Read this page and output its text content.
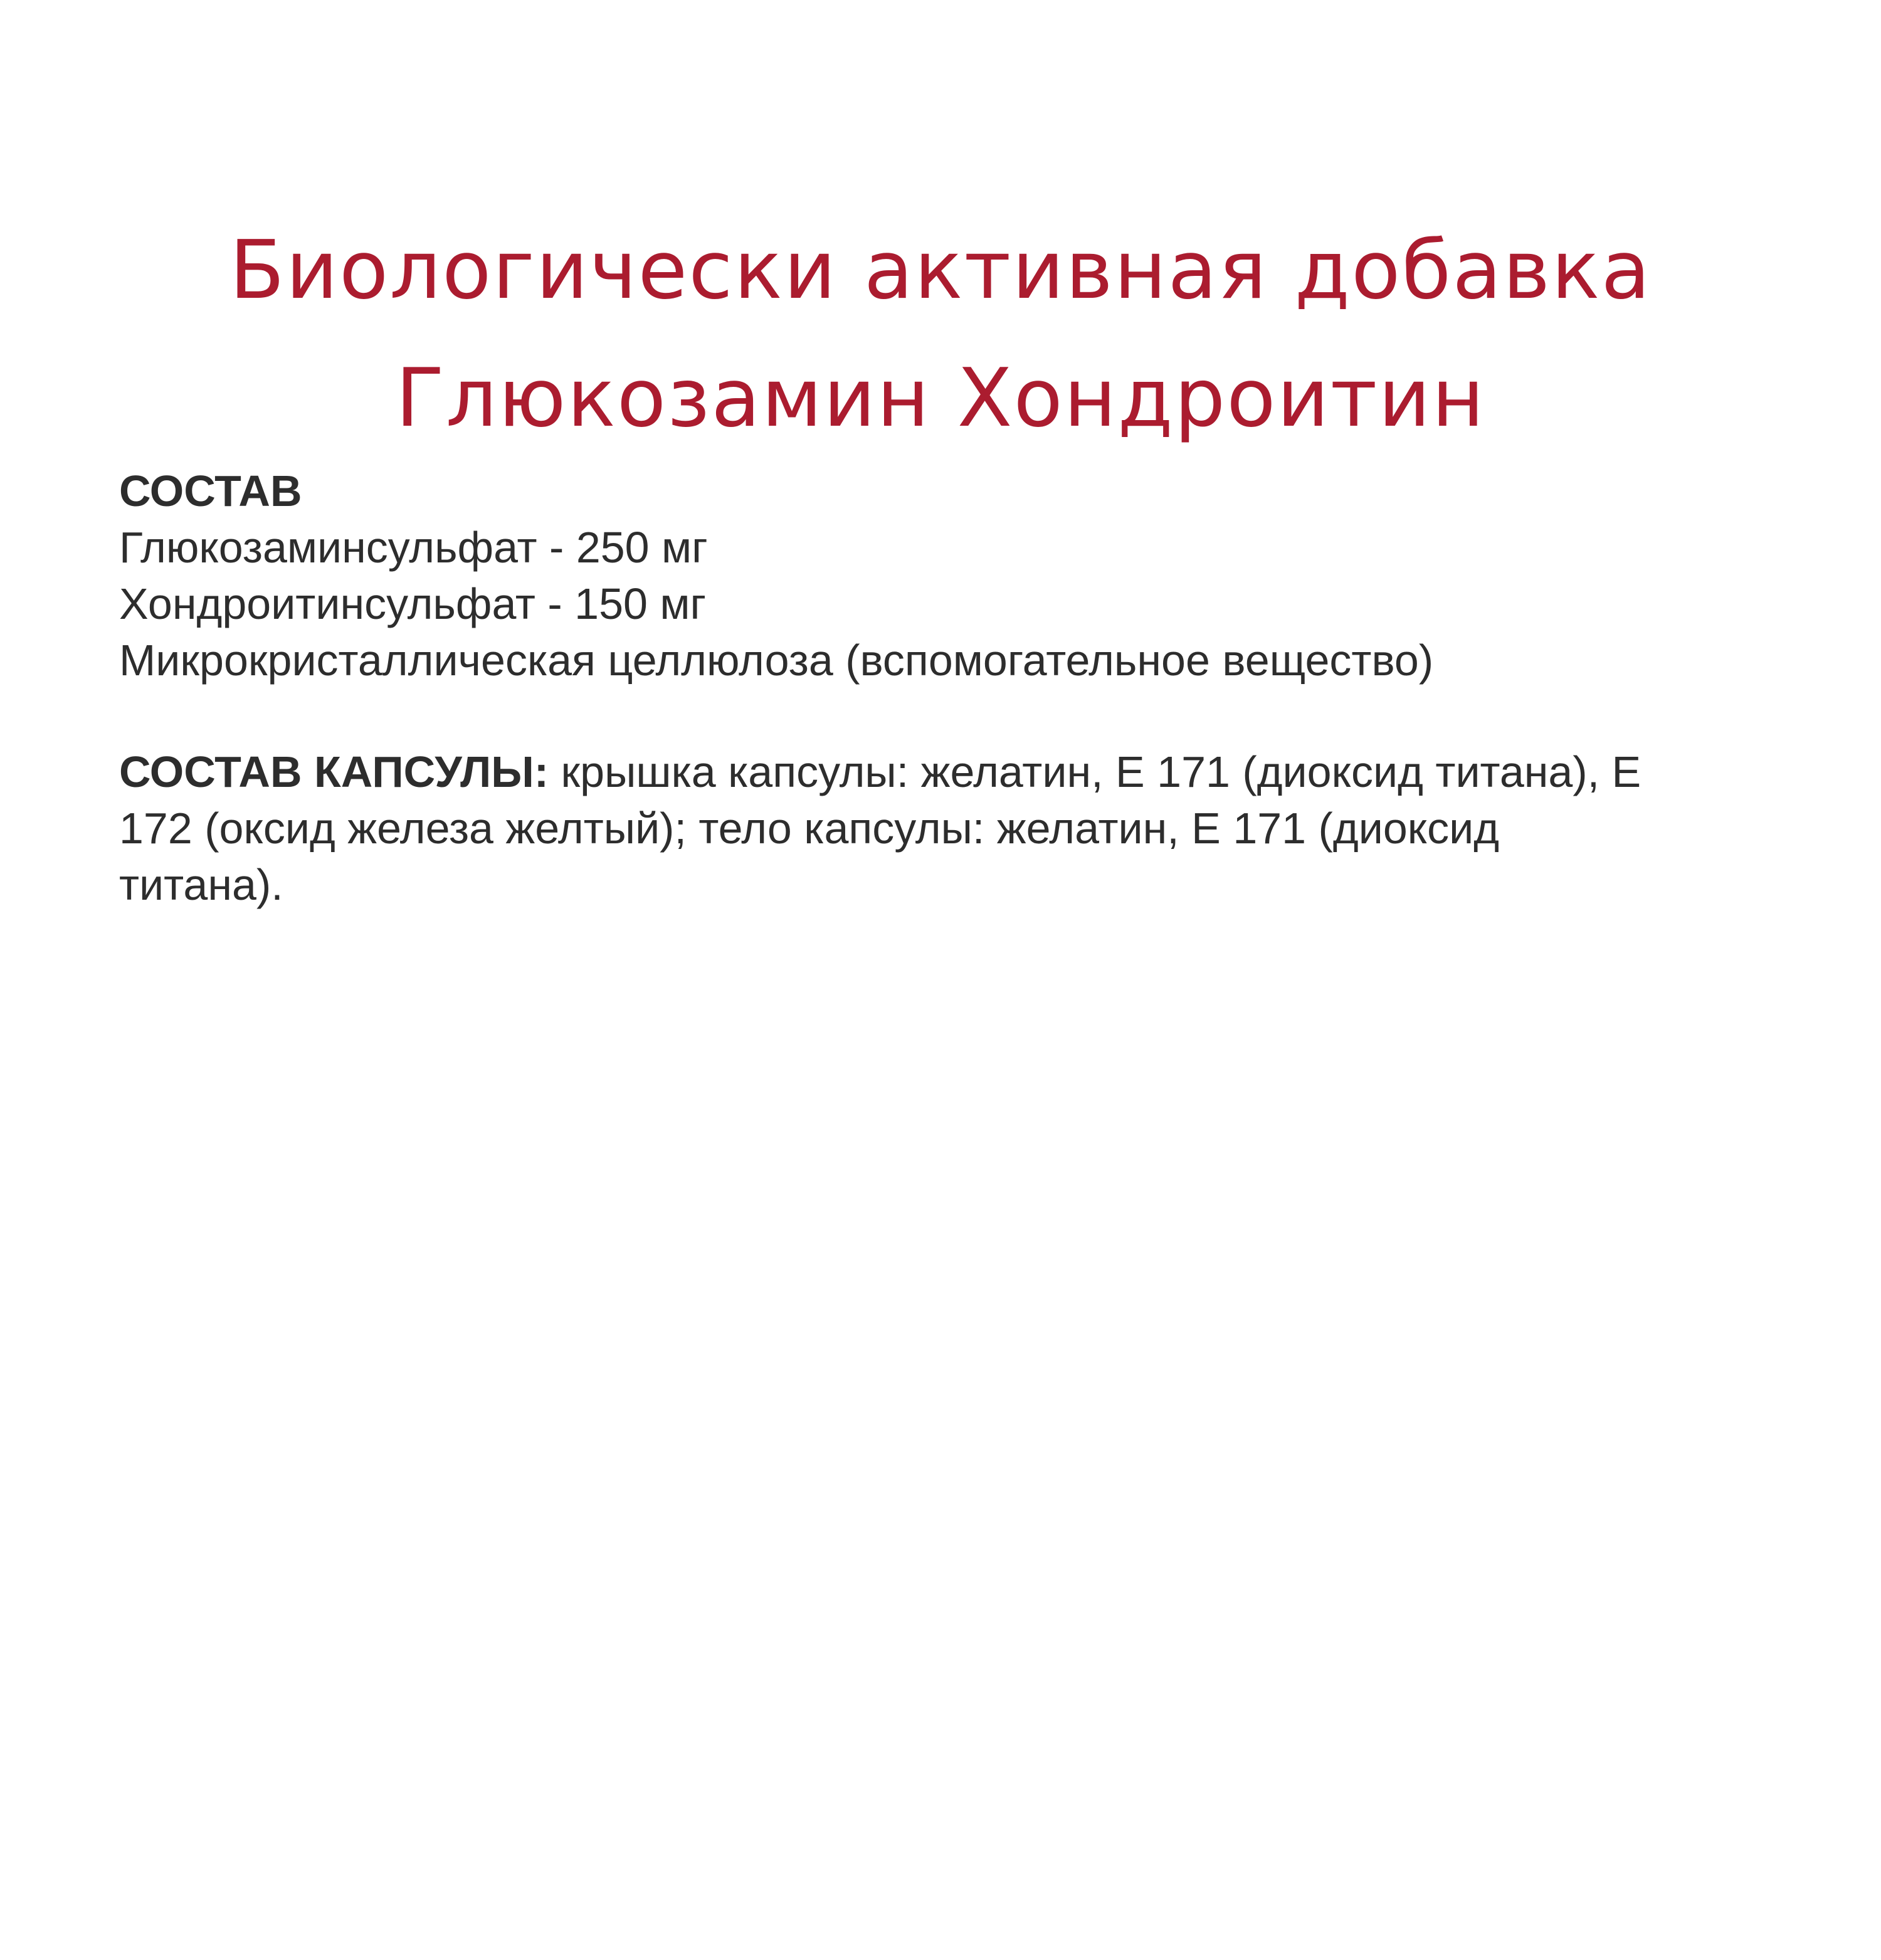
Биологически активная добавка
Глюкозамин Хондроитин
СОСТАВ
Глюкозаминсульфат - 250 мг
Хондроитинсульфат - 150 мг
Микрокристаллическая целлюлоза (вспомогательное вещество)
СОСТАВ КАПСУЛЫ: крышка капсулы: желатин, Е 171 (диоксид титана), Е 172 (оксид железа желтый); тело капсулы: желатин, Е 171 (диоксид титана).
